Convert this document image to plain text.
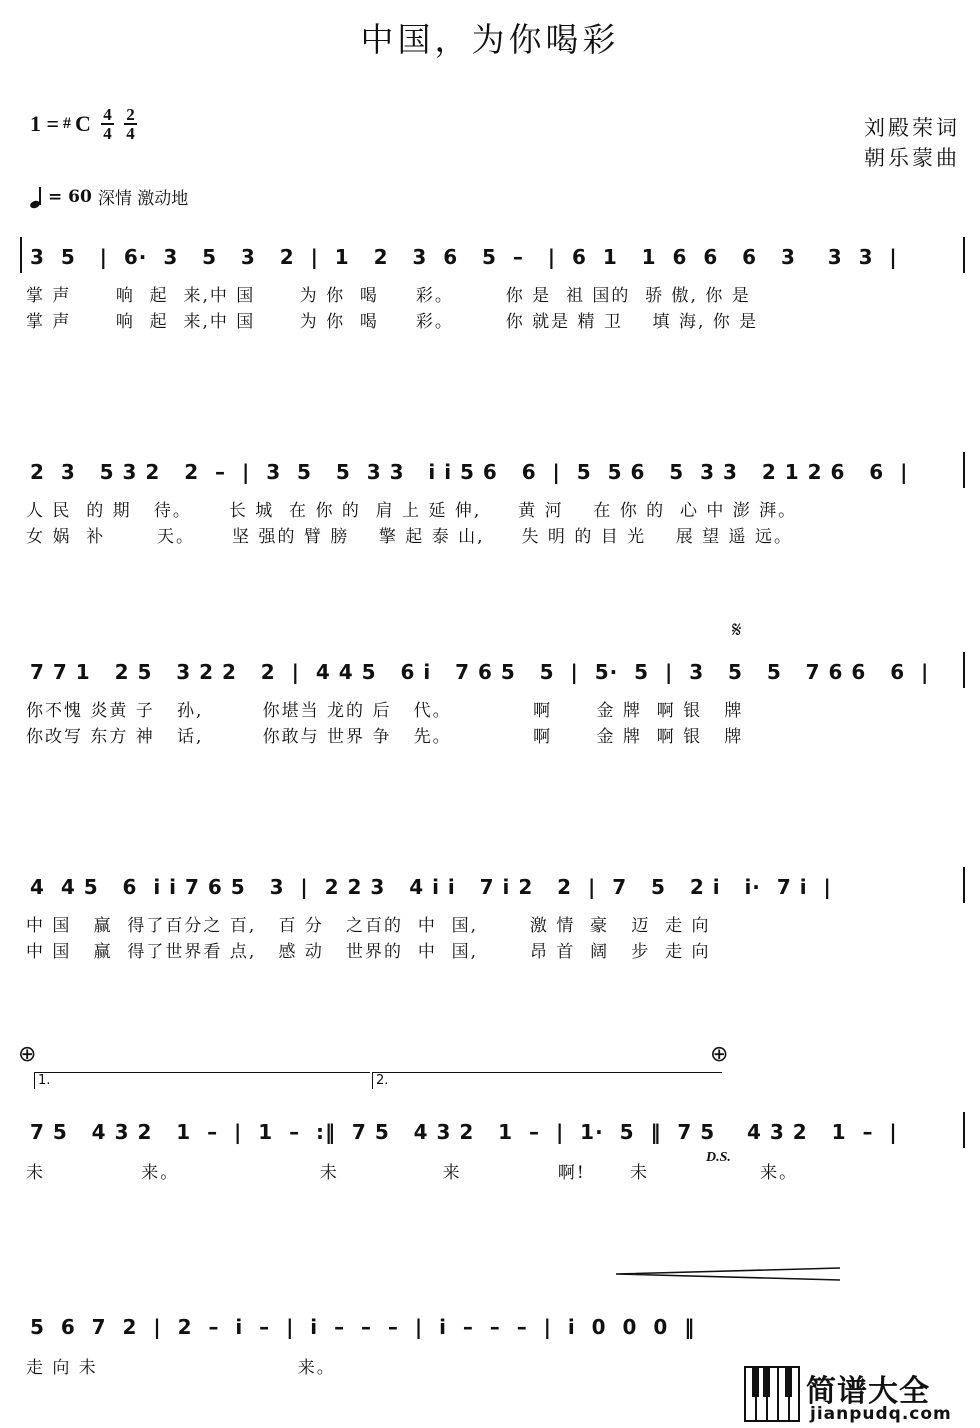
中国，为你喝彩
1 = # C $\frac{4}{4} \frac{2}{4}$	刘殿荣词
朝乐蒙曲
= 60 深情 激动地
3  5   |  6·  3   5   3   2  |  1   2   3  6   5  –   |  6  1   1  6  6   6   3    3  3  |
掌 声      响  起  来,中 国      为 你  喝     彩。       你 是  祖 国的  骄 傲, 你 是
掌 声      响  起  来,中 国      为 你  喝     彩。       你 就是 精 卫    填 海, 你 是
2  3   5 3 2   2  –  |  3  5   5  3 3   i i 5 6   6  |  5  5 6   5  3 3   2 1 2 6   6  |
人 民  的 期   待。     长 城  在 你 的  肩 上 延 伸,     黄 河    在 你 的  心 中 澎 湃。
女 娲  补       天。     坚 强的 臂 膀    擎 起 泰 山,     失 明 的 目 光    展 望 遥 远。
𝄋
7 7 1   2 5   3 2 2   2  |  4 4 5   6 i   7 6 5   5  |  5·  5  |  3   5   5   7 6 6   6  |
你不愧 炎黄 子   孙,        你堪当 龙的 后   代。           啊      金 牌  啊 银   牌
你改写 东方 神   话,        你敢与 世界 争   先。           啊      金 牌  啊 银   牌
4  4 5   6  i i 7 6 5   3  |  2 2 3   4 i i   7 i 2   2  |  7   5   2 i   i·  7 i  |
中 国   赢  得了百分之 百,   百 分   之百的  中  国,       激 情  豪   迈  走 向
中 国   赢  得了世界看 点,   感 动   世界的  中  国,       昂 首  阔   步  走 向
⊕	⊕
1.	2.
7 5   4 3 2   1  –  |  1  –  :‖  7 5   4 3 2   1  –  |  1·  5  ‖  7 5    4 3 2   1  –  |
D.S.
未             来。                   未              来             啊!      未               来。
5  6  7  2  |  2  –  i  –  |  i  –  –  –  |  i  –  –  –  |  i  0  0  0  ‖
走 向 未                           来。
简谱大全
jianpudq.com
